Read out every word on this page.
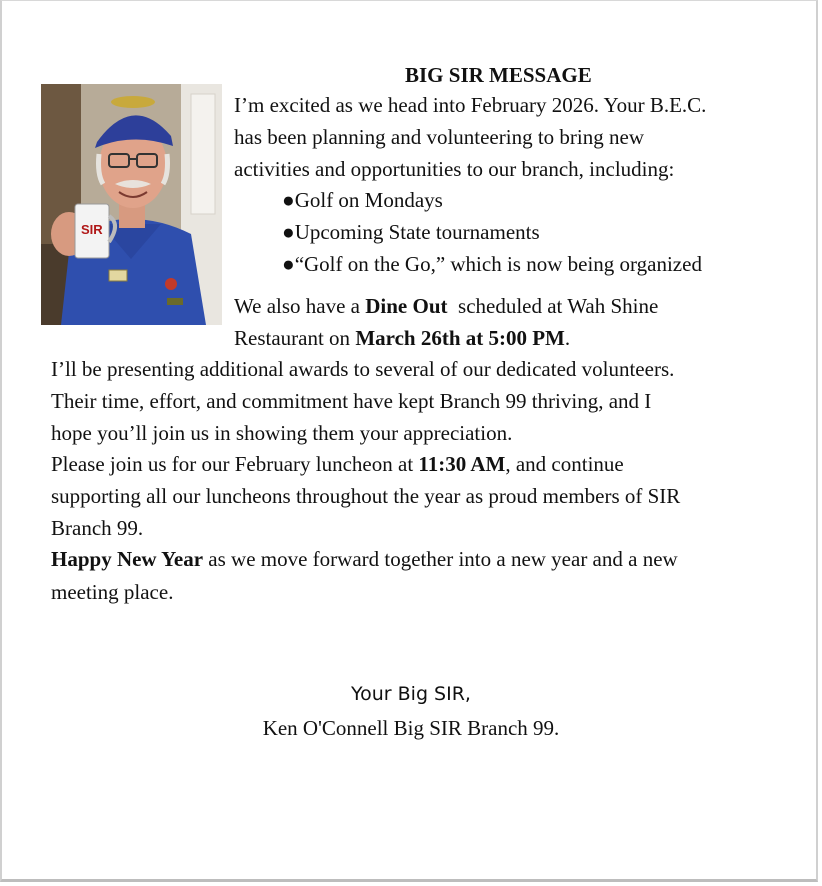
BIG SIR MESSAGE
SIR
I’m excited as we head into February 2026. Your B.E.C.
has been planning and volunteering to bring new
activities and opportunities to our branch, including:
●Golf on Mondays
●Upcoming State tournaments
●“Golf on the Go,” which is now being organized
We also have a Dine Out  scheduled at Wah Shine
Restaurant on March 26th at 5:00 PM.
I’ll be presenting additional awards to several of our dedicated volunteers.
Their time, effort, and commitment have kept Branch 99 thriving, and I
hope you’ll join us in showing them your appreciation.
Please join us for our February luncheon at 11:30 AM, and continue
supporting all our luncheons throughout the year as proud members of SIR
Branch 99.
Happy New Year as we move forward together into a new year and a new
meeting place.
Your Big SIR,
Ken O'Connell Big SIR Branch 99.
